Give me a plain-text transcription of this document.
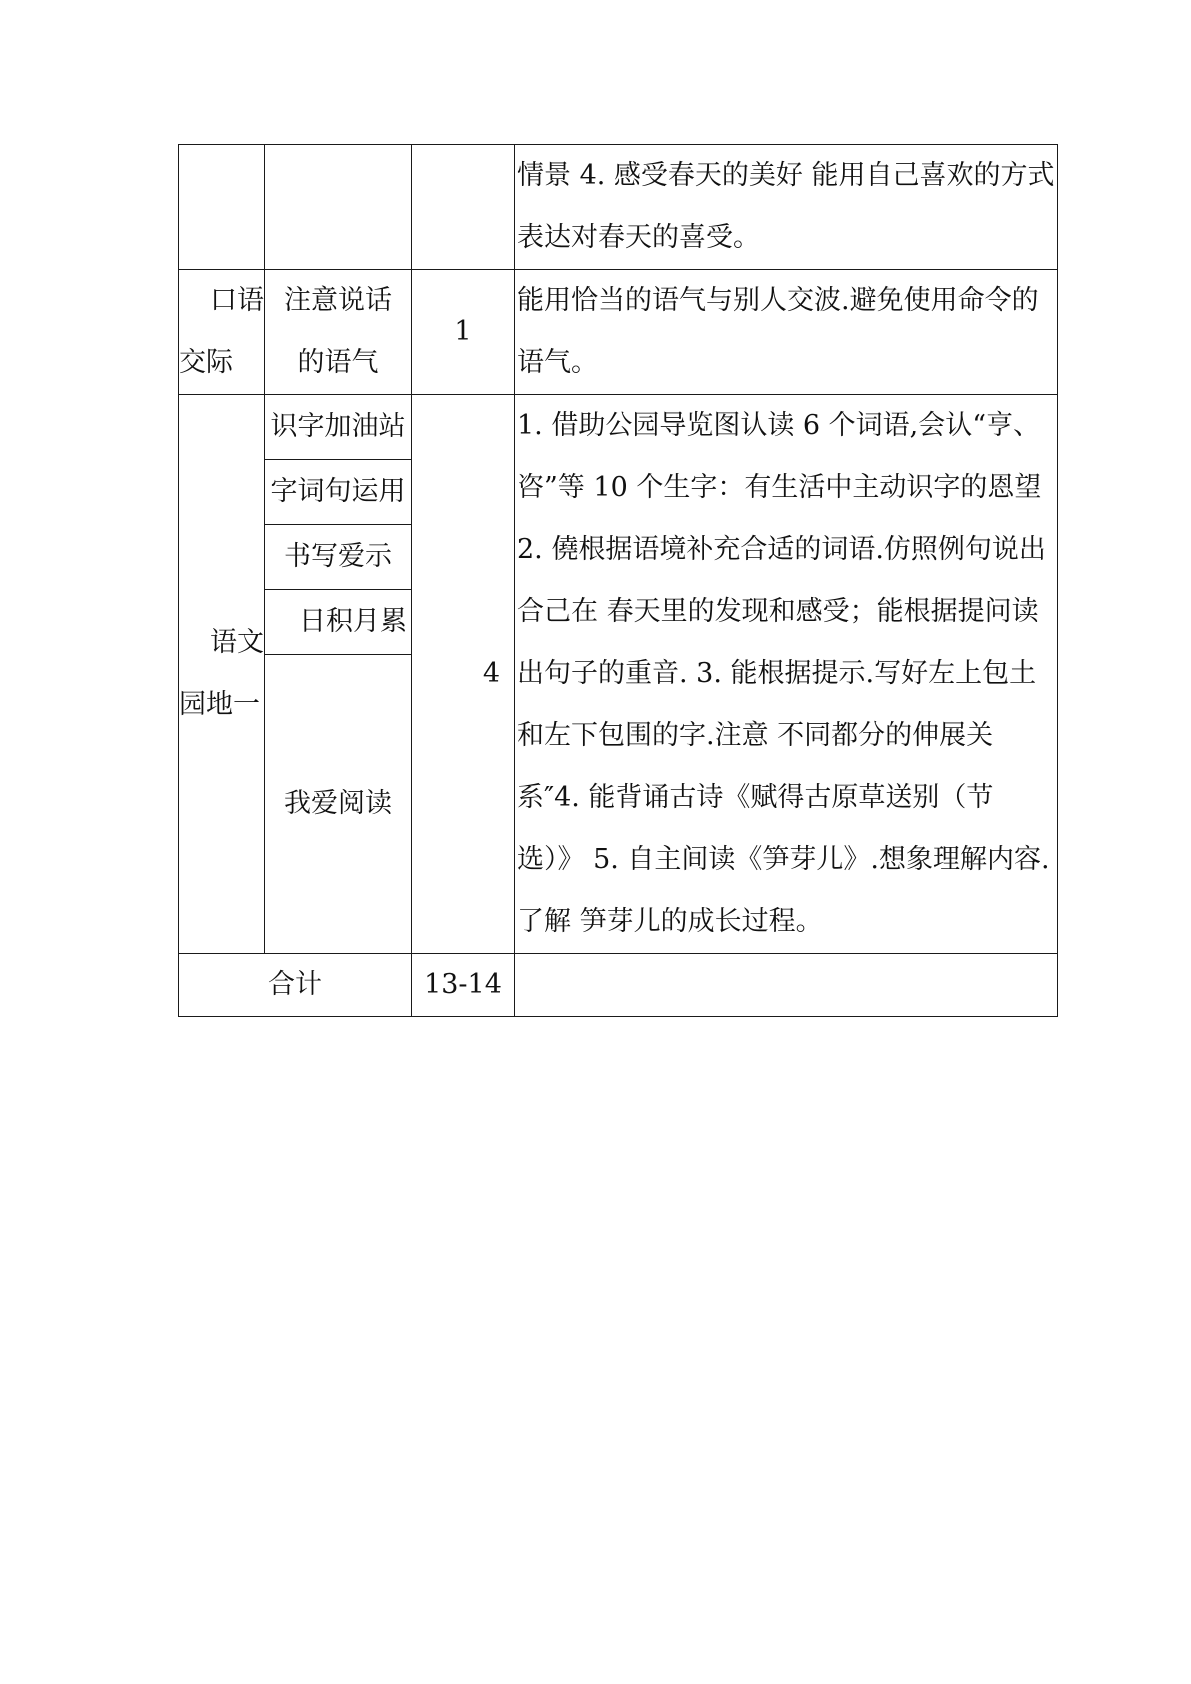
			情景 4. 感受春天的美好 能用自己喜欢的方式表达对春天的喜受。

口语
交际	注意说话
的语气	1	能用恰当的语气与别人交波.避免使用命令的语气。

语文
园地一	识字加油站	4	1. 借助公园导览图认读 6 个词语,会认“亨、咨”等 10 个生字：有生活中主动识字的恩望 2. 僥根据语境补充合适的词语.仿照例句说出合己在 春天里的发现和感受；能根据提问读出句子的重音. 3. 能根据提示.写好左上包土和左下包围的字.注意 不同都分的伸展关系″4. 能背诵古诗《赋得古原草送别（节选）》 5. 自主间读《笋芽儿》.想象理解内容.了解 笋芽儿的成长过程。

	字词句运用		
	书写爱示		
	日积月累		
	我爱阅读		
合计		13-14	
